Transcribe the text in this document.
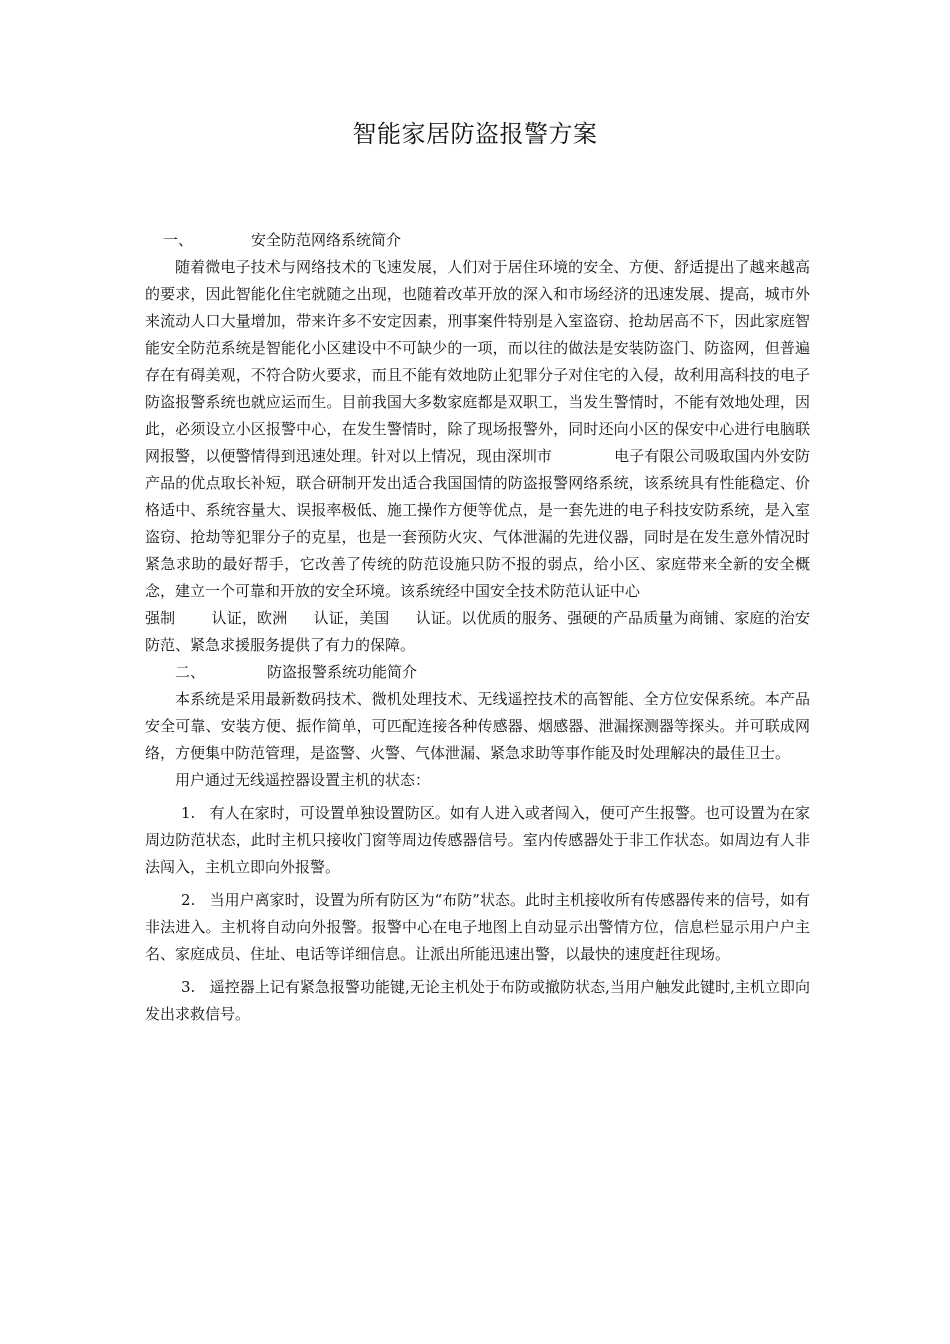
智能家居防盗报警方案
一、	安全防范网络系统简介

随着微电子技术与网络技术的飞速发展，人们对于居住环境的安全、方便、舒适提出了越来越高的要求，因此智能化住宅就随之出现，也随着改革开放的深入和市场经济的迅速发展、提高，城市外来流动人口大量增加，带来许多不安定因素，刑事案件特别是入室盗窃、抢劫居高不下，因此家庭智能安全防范系统是智能化小区建设中不可缺少的一项，而以往的做法是安装防盗门、防盗网，但普遍存在有碍美观，不符合防火要求，而且不能有效地防止犯罪分子对住宅的入侵，故利用高科技的电子防盗报警系统也就应运而生。目前我国大多数家庭都是双职工，当发生警情时，不能有效地处理，因此，必须设立小区报警中心，在发生警情时，除了现场报警外，同时还向小区的保安中心进行电脑联网报警，以便警情得到迅速处理。针对以上情况，现由深圳市	电子有限公司吸取国内外安防产品的优点取长补短，联合研制开发出适合我国国情的防盗报警网络系统，该系统具有性能稳定、价格适中、系统容量大、误报率极低、施工操作方便等优点，是一套先进的电子科技安防系统，是入室盗窃、抢劫等犯罪分子的克星，也是一套预防火灾、气体泄漏的先进仪器，同时是在发生意外情况时紧急求助的最好帮手，它改善了传统的防范设施只防不报的弱点，给小区、家庭带来全新的安全概念，建立一个可靠和开放的安全环境。该系统经中国安全技术防范认证中心

强制 认证，欧洲 认证，美国 认证。以优质的服务、强硬的产品质量为商铺、家庭的治安防范、紧急求援服务提供了有力的保障。

二、	防盗报警系统功能简介

本系统是采用最新数码技术、微机处理技术、无线遥控技术的高智能、全方位安保系统。本产品安全可靠、安装方便、振作简单，可匹配连接各种传感器、烟感器、泄漏探测器等探头。并可联成网络，方便集中防范管理，是盗警、火警、气体泄漏、紧急求助等事作能及时处理解决的最佳卫士。

用户通过无线遥控器设置主机的状态：

1. 有人在家时，可设置单独设置防区。如有人进入或者闯入，便可产生报警。也可设置为在家周边防范状态，此时主机只接收门窗等周边传感器信号。室内传感器处于非工作状态。如周边有人非法闯入，主机立即向外报警。

2. 当用户离家时，设置为所有防区为“布防”状态。此时主机接收所有传感器传来的信号，如有非法进入。主机将自动向外报警。报警中心在电子地图上自动显示出警情方位，信息栏显示用户户主名、家庭成员、住址、电话等详细信息。让派出所能迅速出警，以最快的速度赶往现场。

3. 遥控器上记有紧急报警功能键,无论主机处于布防或撤防状态,当用户触发此键时,主机立即向发出求救信号。
